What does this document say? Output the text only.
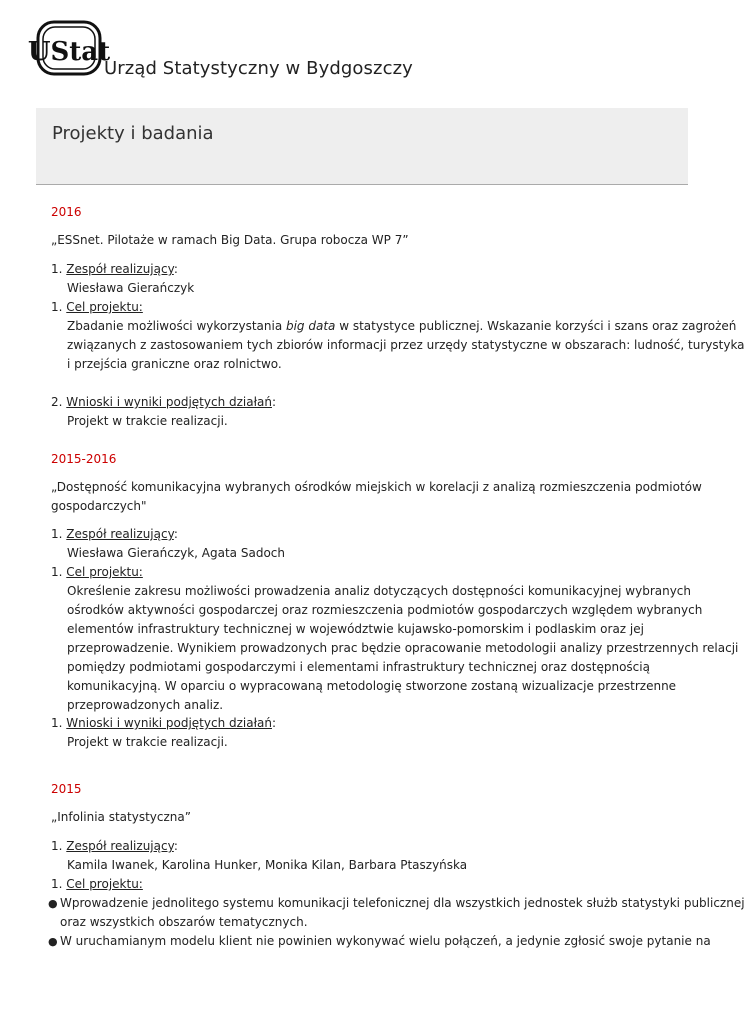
UStat
Urząd Statystyczny w Bydgoszczy
Projekty i badania
2016
„ESSnet. Pilotaże w ramach Big Data. Grupa robocza WP 7”
1. Zespół realizujący:
Wiesława Gierańczyk
1. Cel projektu:
Zbadanie możliwości wykorzystania big data w statystyce publicznej. Wskazanie korzyści i szans oraz zagrożeń
związanych z zastosowaniem tych zbiorów informacji przez urzędy statystyczne w obszarach: ludność, turystyka
i przejścia graniczne oraz rolnictwo.
2. Wnioski i wyniki podjętych działań:
Projekt w trakcie realizacji.
2015-2016
„Dostępność komunikacyjna wybranych ośrodków miejskich w korelacji z analizą rozmieszczenia podmiotów
gospodarczych"
1. Zespół realizujący:
Wiesława Gierańczyk, Agata Sadoch
1. Cel projektu:
Określenie zakresu możliwości prowadzenia analiz dotyczących dostępności komunikacyjnej wybranych
ośrodków aktywności gospodarczej oraz rozmieszczenia podmiotów gospodarczych względem wybranych
elementów infrastruktury technicznej w województwie kujawsko-pomorskim i podlaskim oraz jej
przeprowadzenie. Wynikiem prowadzonych prac będzie opracowanie metodologii analizy przestrzennych relacji
pomiędzy podmiotami gospodarczymi i elementami infrastruktury technicznej oraz dostępnością
komunikacyjną. W oparciu o wypracowaną metodologię stworzone zostaną wizualizacje przestrzenne
przeprowadzonych analiz.
1. Wnioski i wyniki podjętych działań:
Projekt w trakcie realizacji.
2015
„Infolinia statystyczna”
1. Zespół realizujący:
Kamila Iwanek, Karolina Hunker, Monika Kilan, Barbara Ptaszyńska
1. Cel projektu:
● Wprowadzenie jednolitego systemu komunikacji telefonicznej dla wszystkich jednostek służb statystyki publicznej
oraz wszystkich obszarów tematycznych.
● W uruchamianym modelu klient nie powinien wykonywać wielu połączeń, a jedynie zgłosić swoje pytanie na
